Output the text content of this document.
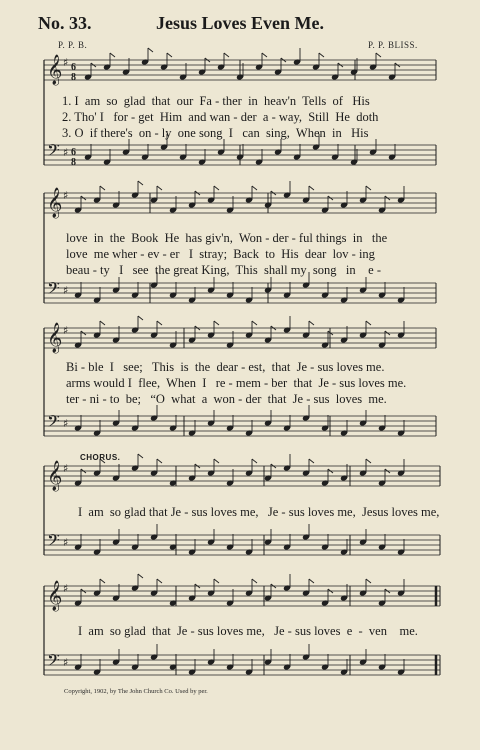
No. 33.	Jesus Loves Even Me.
P. P. B.	P. P. BLISS.
𝄞 ♯ 6
8
𝄢 ♯ 6
8
𝄞 ♯
𝄢 ♯
𝄞 ♯
𝄢 ♯
𝄞 ♯
𝄢 ♯
𝄞 ♯
𝄢 ♯
1. I  am  so  glad  that  our  Fa - ther  in  heav'n  Tells  of   His
2. Tho' I   for - get  Him  and wan - der  a - way,  Still  He  doth
3. O  if there's  on - ly  one song  I   can  sing,  When  in   His
love  in  the  Book  He  has giv'n,  Won - der - ful things  in   the
love  me wher - ev - er   I  stray;  Back  to  His  dear  lov - ing
beau - ty   I   see  the great King,  This  shall my  song   in    e -
Bi - ble  I   see;   This  is  the  dear - est,  that  Je - sus loves me.
arms would I  flee,  When  I   re - mem - ber  that  Je - sus loves me.
ter - ni - to  be;   “O  what  a  won - der  that  Je - sus  loves  me.
CHORUS.
I  am  so glad that Je - sus loves me,   Je - sus loves me,  Jesus loves me,
I  am  so glad  that  Je - sus loves me,   Je - sus loves  e  -  ven    me.
Copyright, 1902, by The John Church Co. Used by per.
